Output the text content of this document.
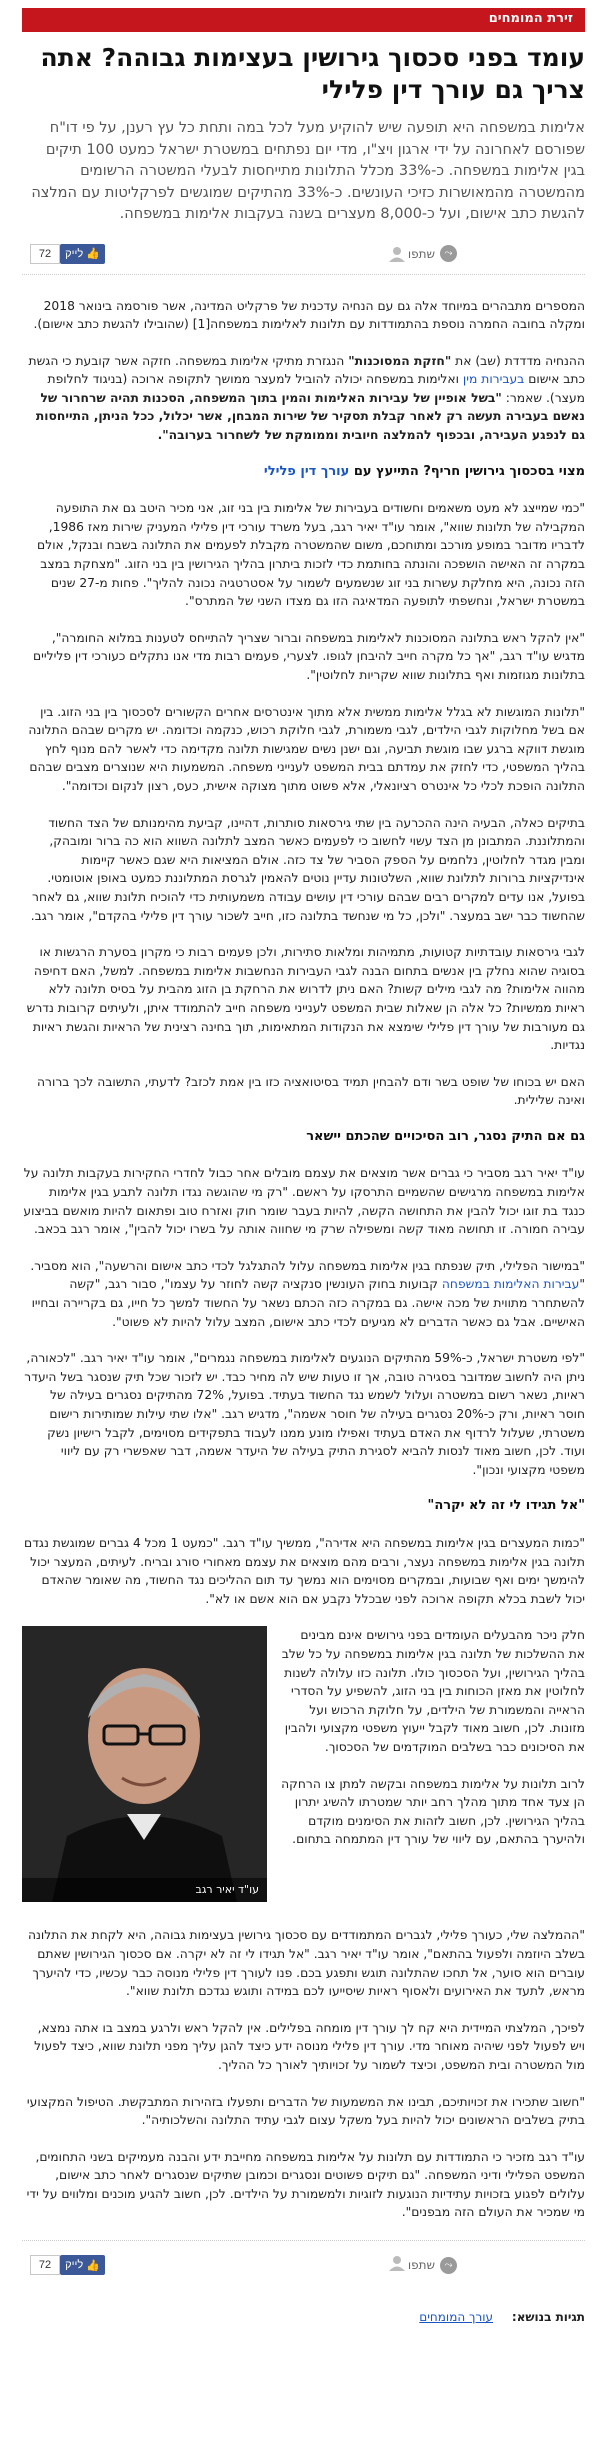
זירת המומחים
עומד בפני סכסוך גירושין בעצימות גבוהה? אתה צריך גם עורך דין פלילי

אלימות במשפחה היא תופעה שיש להוקיע מעל לכל במה ותחת כל עץ רענן, על פי דו"ח שפורסם לאחרונה על ידי ארגון ויצ"ו, מדי יום נפתחים במשטרת ישראל כמעט 100 תיקים בגין אלימות במשפחה. כ-33% מכלל התלונות מתייחסות לבעלי המשטרה הרשומים מהמשטרה מהמאושרות כזיכי העונשים. כ-33% מהתיקים שמוגשים לפרקליטות עם המלצה להגשת כתב אישום, ועל כ-8,000 מעצרים בשנה בעקבות אלימות במשפחה.

⤳
שתפו
👍
לייק
72

המספרים מתבהרים במיוחד אלה גם עם הנחיה עדכנית של פרקליט המדינה, אשר פורסמה בינואר 2018 ומקלה בחובה החמרה נוספת בהתמודדות עם תלונות לאלימות במשפחה[1] (שהובילו להגשת כתב אישום).

ההנחיה מדדדת (שב) את "חזקת המסוכנות" הנגזרת מתיקי אלימות במשפחה. חזקה אשר קובעת כי הגשת כתב אישום בעבירות מין ואלימות במשפחה יכולה להוביל למעצר ממושך לתקופה ארוכה (בניגוד לחלופת מעצר). שאמר: "בשל אופיין של עבירות האלימות והמין בתוך המשפחה, הסכנות תהיה שרחרור של נאשם בעבירה תעשה רק לאחר קבלת תסקיר של שירות המבחן, אשר יכלול, ככל הניתן, התייחסות גם לנפגע העבירה, ובכפוף להמלצה חיובית וממומקת של לשחרור בערובה".

מצוי בסכסוך גירושין חריף? התייעץ עם עורך דין פלילי

"כמי שמייצג לא מעט משאמים וחשודים בעבירות של אלימות בין בני זוג, אני מכיר היטב גם את התופעה המקבילה של תלונות שווא", אומר עו"ד יאיר רגב, בעל משרד עורכי דין פלילי המעניק שירות מאז 1986, לדבריו מדובר במופע מורכב ומתוחכם, משום שהמשטרה מקבלת לפעמים את התלונה בשבח ובנקל, אולם במקרה זה האישה הושפכה והונתה בחותמת כדי לזכות ביתרון בהליך הגירושין בין בני הזוג. "מצחקת במצב הזה נכונה, היא מחלקת עשרות בני זוג שנשמעים לשמור על אסטרטגיה נכונה להליך". פחות מ-27 שנים במשטרת ישראל, ונחשפתי לתופעה המדאיגה הזו גם מצדו השני של המתרס".

"אין להקל ראש בתלונה המסוכנות לאלימות במשפחה וברור שצריך להתייחס לטענות במלוא החומרה", מדגיש עו"ד רגב, "אך כל מקרה חייב להיבחן לגופו. לצערי, פעמים רבות מדי אנו נתקלים כעורכי דין פליליים בתלונות מגוזמות ואף בתלונות שווא שקריות לחלוטין".

"תלונות המוגשות לא בגלל אלימות ממשית אלא מתוך אינטרסים אחרים הקשורים לסכסוך בין בני הזוג. בין אם בשל מחלוקות לגבי הילדים, לגבי משמורת, לגבי חלוקת רכוש, כנקמה וכדומה. יש מקרים שבהם התלונה מוגשת דווקא ברגע שבו מוגשת תביעה, וגם ישנן נשים שמגישות תלונה מקדימה כדי לאשר להם מנוף לחץ בהליך המשפטי, כדי לחזק את עמדתם בבית המשפט לענייני משפחה. המשמעות היא שנוצרים מצבים שבהם התלונה הופכת לכלי כל אינטרס רציונאלי, אלא פשוט מתוך מצוקה אישית, כעס, רצון לנקום וכדומה".

בתיקים כאלה, הבעיה הינה ההכרעה בין שתי גירסאות סותרות, דהיינו, קביעת מהימנותם של הצד החשוד והמתלוננת. המתבונן מן הצד עשוי לחשוב כי לפעמים כאשר המצב לתלונה השווא הוא כה ברור ומובהק, ומבין מגדר לחלוטין, נלחמים על הספק הסביר של צד כזה. אולם המציאות היא שגם כאשר קיימות אינדיקציות ברורות לתלונת שווא, השלטונות עדיין נוטים להאמין לגרסת המתלוננת כמעט באופן אוטומטי. בפועל, אנו עדים למקרים רבים שבהם עורכי דין עושים עבודה משמעותית כדי להוכיח תלונת שווא, גם לאחר שהחשוד כבר ישב במעצר. "ולכן, כל מי שנחשד בתלונה כזו, חייב לשכור עורך דין פלילי בהקדם", אומר רגב.

לגבי גירסאות עובדתיות קטועות, מתמיהות ומלאות סתירות, ולכן פעמים רבות כי מקרון בסערת הרגשות או בסוגיה שהוא נחלק בין אנשים בתחום הבנה לגבי העבירות הנחשבות אלימות במשפחה. למשל, האם דחיפה מהווה אלימות? מה לגבי מילים קשות? האם ניתן לדרוש את הרחקת בן הזוג מהבית על בסיס תלונה ללא ראיות ממשיות? כל אלה הן שאלות שבית המשפט לענייני משפחה חייב להתמודד איתן, ולעיתים קרובות נדרש גם מעורבות של עורך דין פלילי שימצא את הנקודות המתאימות, תוך בחינה רצינית של הראיות והגשת ראיות נגדיות.

האם יש בכוחו של שופט בשר ודם להבחין תמיד בסיטואציה כזו בין אמת לכזב? לדעתי, התשובה לכך ברורה ואינה שלילית.

גם אם התיק נסגר, רוב הסיכויים שהכתם יישאר

עו"ד יאיר רגב מסביר כי גברים אשר מוצאים את עצמם מובלים אחר כבול לחדרי החקירות בעקבות תלונה על אלימות במשפחה מרגישים שהשמיים התרסקו על ראשם. "רק מי שהוגשה נגדו תלונה לתבע בגין אלימות כנגד בת זוגו יכול להבין את התחושה הקשה, להיות בעבר שומר חוק ואזרח טוב ופתאום להיות מואשם בביצוע עבירה חמורה. זו תחושה מאוד קשה ומשפילה שרק מי שחווה אותה על בשרו יכול להבין", אומר רגב בכאב.

"במישור הפלילי, תיק שנפתח בגין אלימות במשפחה עלול להתגלגל לכדי כתב אישום והרשעה", הוא מסביר. "עבירות האלימות במשפחה קבועות בחוק העונשין סנקציה קשה לחוזר על עצמו", סבור רגב, "קשה להשתחרר מתווית של מכה אישה. גם במקרה כזה הכתם נשאר על החשוד למשך כל חייו, גם בקריירה ובחייו האישיים. אבל גם כאשר הדברים לא מגיעים לכדי כתב אישום, המצב עלול להיות לא פשוט".

"לפי משטרת ישראל, כ-59% מהתיקים הנוגעים לאלימות במשפחה נגמרים", אומר עו"ד יאיר רגב. "לכאורה, ניתן היה לחשוב שמדובר בסגירה טובה, אך זו טעות שיש לה מחיר כבד. יש לזכור שכל תיק שנסגר בשל היעדר ראיות, נשאר רשום במשטרה ועלול לשמש נגד החשוד בעתיד. בפועל, 72% מהתיקים נסגרים בעילה של חוסר ראיות, ורק כ-20% נסגרים בעילה של חוסר אשמה", מדגיש רגב. "אלו שתי עילות שמותירות רישום משטרתי, שעלול לרדוף את האדם בעתיד ואפילו מונע ממנו לעבוד בתפקידים מסוימים, לקבל רישיון נשק ועוד. לכן, חשוב מאוד לנסות להביא לסגירת התיק בעילה של היעדר אשמה, דבר שאפשרי רק עם ליווי משפטי מקצועי ונכון".

"אל תגידו לי זה לא יקרה"

"כמות המעצרים בגין אלימות במשפחה היא אדירה", ממשיך עו"ד רגב. "כמעט 1 מכל 4 גברים שמוגשת נגדם תלונה בגין אלימות במשפחה נעצר, ורבים מהם מוצאים את עצמם מאחורי סורג ובריח. לעיתים, המעצר יכול להימשך ימים ואף שבועות, ובמקרים מסוימים הוא נמשך עד תום ההליכים נגד החשוד, מה שאומר שהאדם יכול לשבת בכלא תקופה ארוכה לפני שבכלל נקבע אם הוא אשם או לא".

עו"ד יאיר רגב

חלק ניכר מהבעלים העומדים בפני גירושים אינם מבינים את ההשלכות של תלונה בגין אלימות במשפחה על כל שלב בהליך הגירושין, ועל הסכסוך כולו. תלונה כזו עלולה לשנות לחלוטין את מאזן הכוחות בין בני הזוג, להשפיע על הסדרי הראייה והמשמורת של הילדים, על חלוקת הרכוש ועל מזונות. לכן, חשוב מאוד לקבל ייעוץ משפטי מקצועי ולהבין את הסיכונים כבר בשלבים המוקדמים של הסכסוך.

לרוב תלונות על אלימות במשפחה ובקשה למתן צו הרחקה הן צעד אחד מתוך מהלך רחב יותר שמטרתו להשיג יתרון בהליך הגירושין. לכן, חשוב לזהות את הסימנים מוקדם ולהיערך בהתאם, עם ליווי של עורך דין המתמחה בתחום.

"ההמלצה שלי, כעורך פלילי, לגברים המתמודדים עם סכסוך גירושין בעצימות גבוהה, היא לקחת את התלונה בשלב היוזמה ולפעול בהתאם", אומר עו"ד יאיר רגב. "אל תגידו לי זה לא יקרה. אם סכסוך הגירושין שאתם עוברים הוא סוער, אל תחכו שהתלונה תוגש ותפגע בכם. פנו לעורך דין פלילי מנוסה כבר עכשיו, כדי להיערך מראש, לתעד את האירועים ולאסוף ראיות שיסייעו לכם במידה ותוגש נגדכם תלונת שווא".

לפיכך, המלצתי המיידית היא קח לך עורך דין מומחה בפלילים. אין להקל ראש ולרגע במצב בו אתה נמצא, ויש לפעול לפני שיהיה מאוחר מדי. עורך דין פלילי מנוסה ידע כיצד להגן עליך מפני תלונת שווא, כיצד לפעול מול המשטרה ובית המשפט, וכיצד לשמור על זכויותיך לאורך כל ההליך.

"חשוב שתכירו את זכויותיכם, תבינו את המשמעות של הדברים ותפעלו בזהירות המתבקשת. הטיפול המקצועי בתיק בשלבים הראשונים יכול להיות בעל משקל עצום לגבי עתיד התלונה והשלכותיה".

עו"ד רגב מזכיר כי התמודדות עם תלונות על אלימות במשפחה מחייבת ידע והבנה מעמיקים בשני התחומים, המשפט הפלילי ודיני המשפחה. "גם תיקים פשוטים ונסגרים וכמובן שתיקים שנסגרים לאחר כתב אישום, עלולים לפגוע בזכויות עתידיות הנוגעות לזוגיות ולמשמורת על הילדים. לכן, חשוב להגיע מוכנים ומלווים על ידי מי שמכיר את העולם הזה מבפנים".

⤳
שתפו
👍
לייק
72
תגיות בנושא:
עורך המומחים
